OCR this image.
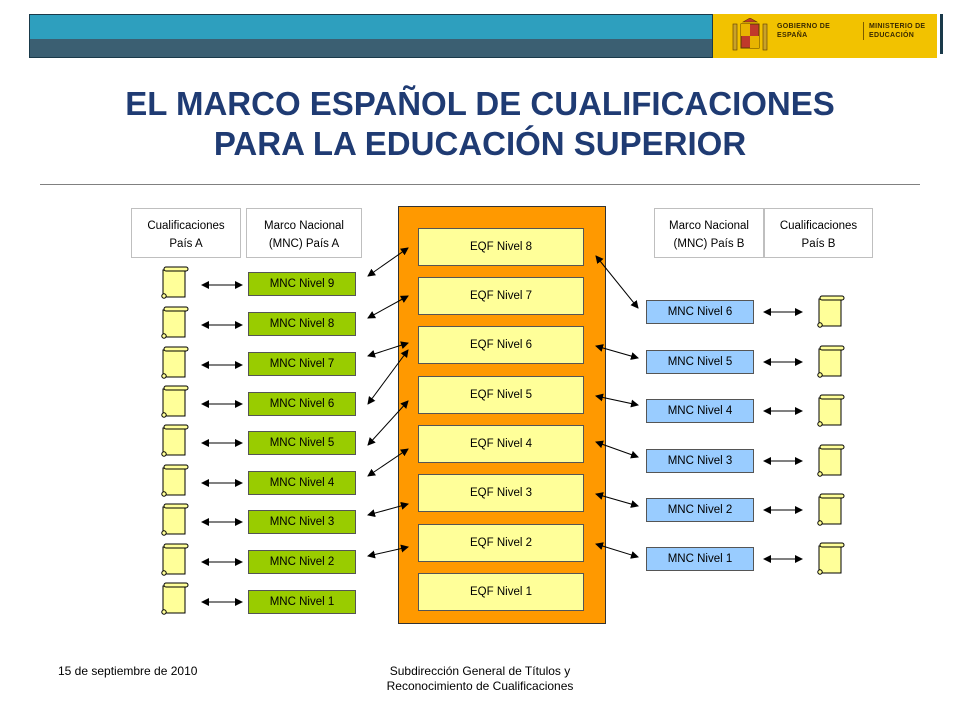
GOBIERNO DE ESPAÑA
MINISTERIO DE EDUCACIÓN
EL MARCO ESPAÑOL DE CUALIFICACIONES
PARA LA EDUCACIÓN SUPERIOR
Cualificaciones
País A
Marco Nacional
(MNC) País A
Marco Nacional
(MNC) País B
Cualificaciones
País B
MNC Nivel 9
MNC Nivel 8
MNC Nivel 7
MNC Nivel 6
MNC Nivel 5
MNC Nivel 4
MNC Nivel 3
MNC Nivel 2
MNC Nivel 1
EQF Nivel 8
EQF Nivel 7
EQF Nivel 6
EQF Nivel 5
EQF Nivel 4
EQF Nivel 3
EQF Nivel 2
EQF Nivel 1
MNC Nivel 6
MNC Nivel 5
MNC Nivel 4
MNC Nivel 3
MNC Nivel 2
MNC Nivel 1
15 de septiembre de 2010	Subdirección General de Títulos y
Reconocimiento de Cualificaciones
